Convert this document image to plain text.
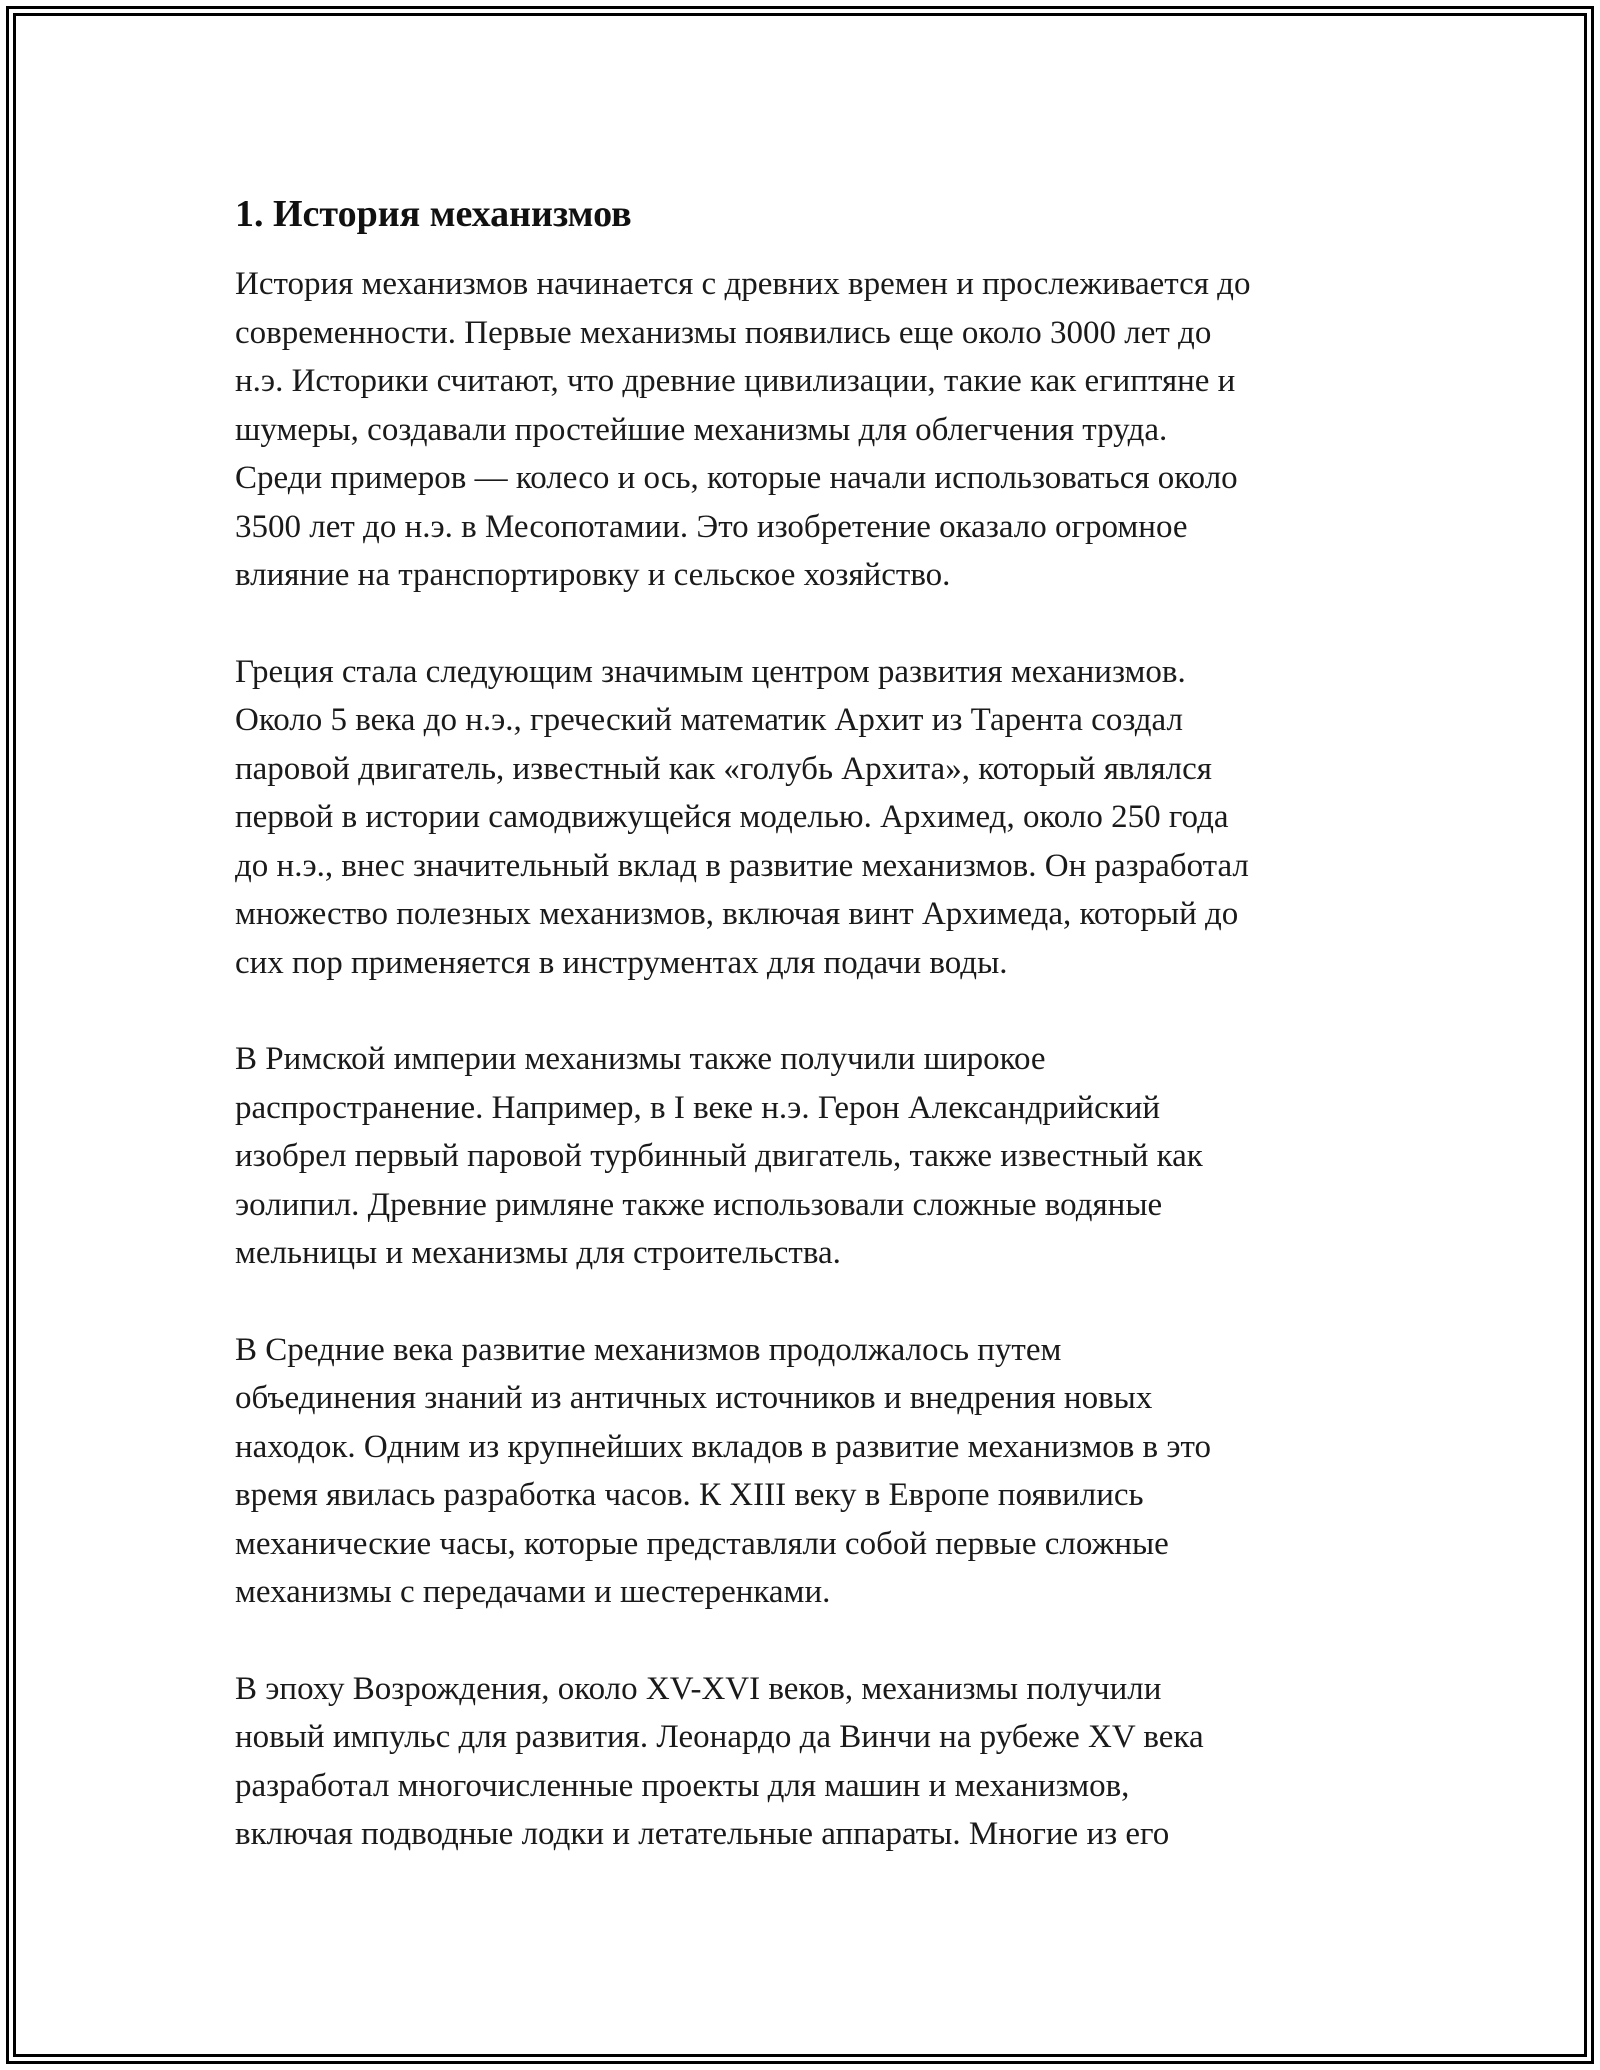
1. История механизмов

История механизмов начинается с древних времен и прослеживается до
современности. Первые механизмы появились еще около 3000 лет до
н.э. Историки считают, что древние цивилизации, такие как египтяне и
шумеры, создавали простейшие механизмы для облегчения труда.
Среди примеров — колесо и ось, которые начали использоваться около
3500 лет до н.э. в Месопотамии. Это изобретение оказало огромное
влияние на транспортировку и сельское хозяйство.

Греция стала следующим значимым центром развития механизмов.
Около 5 века до н.э., греческий математик Архит из Тарента создал
паровой двигатель, известный как «голубь Архита», который являлся
первой в истории самодвижущейся моделью. Архимед, около 250 года
до н.э., внес значительный вклад в развитие механизмов. Он разработал
множество полезных механизмов, включая винт Архимеда, который до
сих пор применяется в инструментах для подачи воды.

В Римской империи механизмы также получили широкое
распространение. Например, в I веке н.э. Герон Александрийский
изобрел первый паровой турбинный двигатель, также известный как
эолипил. Древние римляне также использовали сложные водяные
мельницы и механизмы для строительства.

В Средние века развитие механизмов продолжалось путем
объединения знаний из античных источников и внедрения новых
находок. Одним из крупнейших вкладов в развитие механизмов в это
время явилась разработка часов. К XIII веку в Европе появились
механические часы, которые представляли собой первые сложные
механизмы с передачами и шестеренками.

В эпоху Возрождения, около XV-XVI веков, механизмы получили
новый импульс для развития. Леонардо да Винчи на рубеже XV века
разработал многочисленные проекты для машин и механизмов,
включая подводные лодки и летательные аппараты. Многие из его
